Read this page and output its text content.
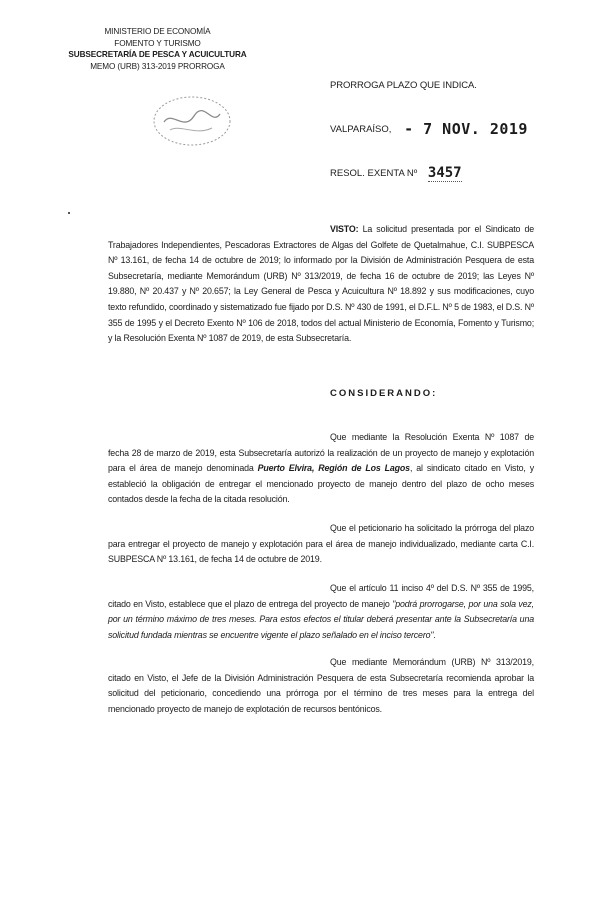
MINISTERIO DE ECONOMÍA
FOMENTO Y TURISMO
SUBSECRETARÍA DE PESCA Y ACUICULTURA
MEMO (URB) 313-2019 PRORROGA
PRORROGA PLAZO QUE INDICA.
VALPARAÍSO, - 7 NOV. 2019
RESOL. EXENTA Nº 3457
VISTO: La solicitud presentada por el Sindicato de Trabajadores Independientes, Pescadoras Extractores de Algas del Golfete de Quetalmahue, C.I. SUBPESCA Nº 13.161, de fecha 14 de octubre de 2019; lo informado por la División de Administración Pesquera de esta Subsecretaría, mediante Memorándum (URB) Nº 313/2019, de fecha 16 de octubre de 2019; las Leyes Nº 19.880, Nº 20.437 y Nº 20.657; la Ley General de Pesca y Acuicultura Nº 18.892 y sus modificaciones, cuyo texto refundido, coordinado y sistematizado fue fijado por D.S. Nº 430 de 1991, el D.F.L. Nº 5 de 1983, el D.S. Nº 355 de 1995 y el Decreto Exento Nº 106 de 2018, todos del actual Ministerio de Economía, Fomento y Turismo; y la Resolución Exenta Nº 1087 de 2019, de esta Subsecretaría.
CONSIDERANDO:
Que mediante la Resolución Exenta Nº 1087 de fecha 28 de marzo de 2019, esta Subsecretaría autorizó la realización de un proyecto de manejo y explotación para el área de manejo denominada Puerto Elvira, Región de Los Lagos, al sindicato citado en Visto, y estableció la obligación de entregar el mencionado proyecto de manejo dentro del plazo de ocho meses contados desde la fecha de la citada resolución.
Que el peticionario ha solicitado la prórroga del plazo para entregar el proyecto de manejo y explotación para el área de manejo individualizado, mediante carta C.I. SUBPESCA Nº 13.161, de fecha 14 de octubre de 2019.
Que el artículo 11 inciso 4º del D.S. Nº 355 de 1995, citado en Visto, establece que el plazo de entrega del proyecto de manejo "podrá prorrogarse, por una sola vez, por un término máximo de tres meses. Para estos efectos el titular deberá presentar ante la Subsecretaría una solicitud fundada mientras se encuentre vigente el plazo señalado en el inciso tercero".
Que mediante Memorándum (URB) Nº 313/2019, citado en Visto, el Jefe de la División Administración Pesquera de esta Subsecretaría recomienda aprobar la solicitud del peticionario, concediendo una prórroga por el término de tres meses para la entrega del mencionado proyecto de manejo de explotación de recursos bentónicos.
